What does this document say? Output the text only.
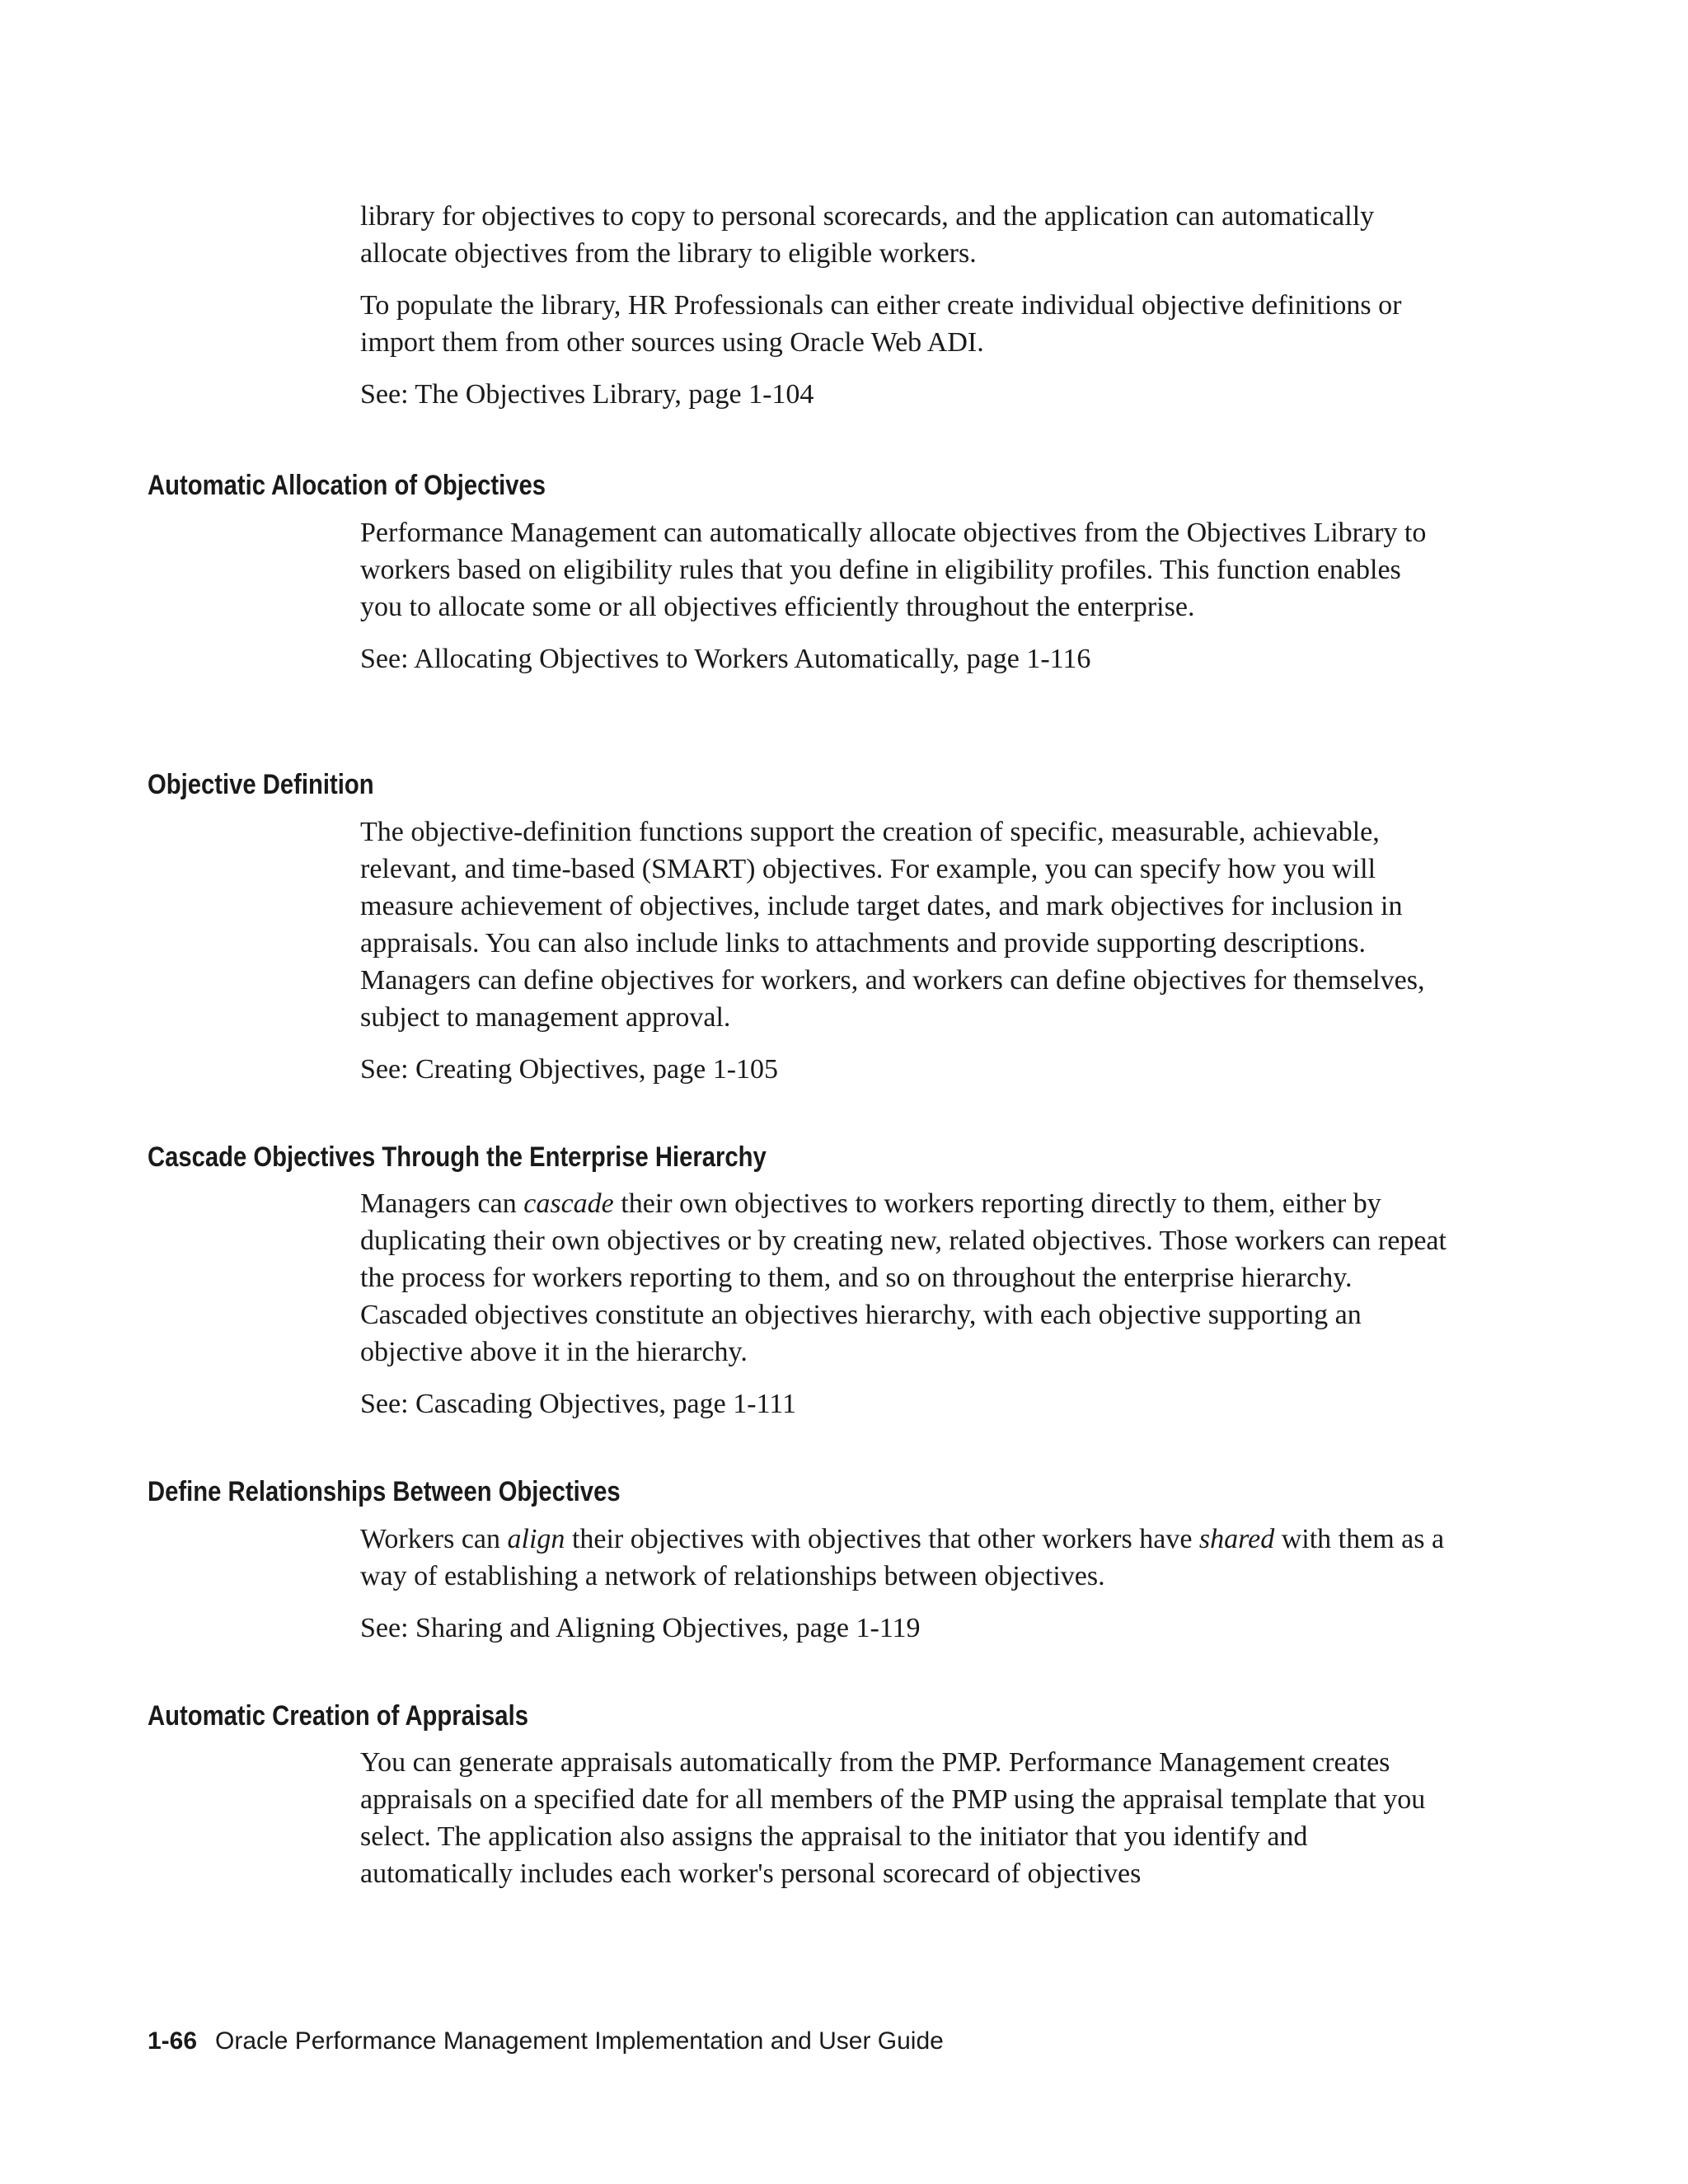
library for objectives to copy to personal scorecards, and the application can automatically allocate objectives from the library to eligible workers.

To populate the library, HR Professionals can either create individual objective definitions or import them from other sources using Oracle Web ADI.

See: The Objectives Library, page 1-104

Automatic Allocation of Objectives

Performance Management can automatically allocate objectives from the Objectives Library to workers based on eligibility rules that you define in eligibility profiles. This function enables you to allocate some or all objectives efficiently throughout the enterprise.

See: Allocating Objectives to Workers Automatically, page 1-116

Objective Definition

The objective-definition functions support the creation of specific, measurable, achievable, relevant, and time-based (SMART) objectives. For example, you can specify how you will measure achievement of objectives, include target dates, and mark objectives for inclusion in appraisals. You can also include links to attachments and provide supporting descriptions. Managers can define objectives for workers, and workers can define objectives for themselves, subject to management approval.

See: Creating Objectives, page 1-105

Cascade Objectives Through the Enterprise Hierarchy

Managers can cascade their own objectives to workers reporting directly to them, either by duplicating their own objectives or by creating new, related objectives. Those workers can repeat the process for workers reporting to them, and so on throughout the enterprise hierarchy. Cascaded objectives constitute an objectives hierarchy, with each objective supporting an objective above it in the hierarchy.

See: Cascading Objectives, page 1-111

Define Relationships Between Objectives

Workers can align their objectives with objectives that other workers have shared with them as a way of establishing a network of relationships between objectives.

See: Sharing and Aligning Objectives, page 1-119

Automatic Creation of Appraisals

You can generate appraisals automatically from the PMP. Performance Management creates appraisals on a specified date for all members of the PMP using the appraisal template that you select. The application also assigns the appraisal to the initiator that you identify and automatically includes each worker's personal scorecard of objectives

1-66 Oracle Performance Management Implementation and User Guide
